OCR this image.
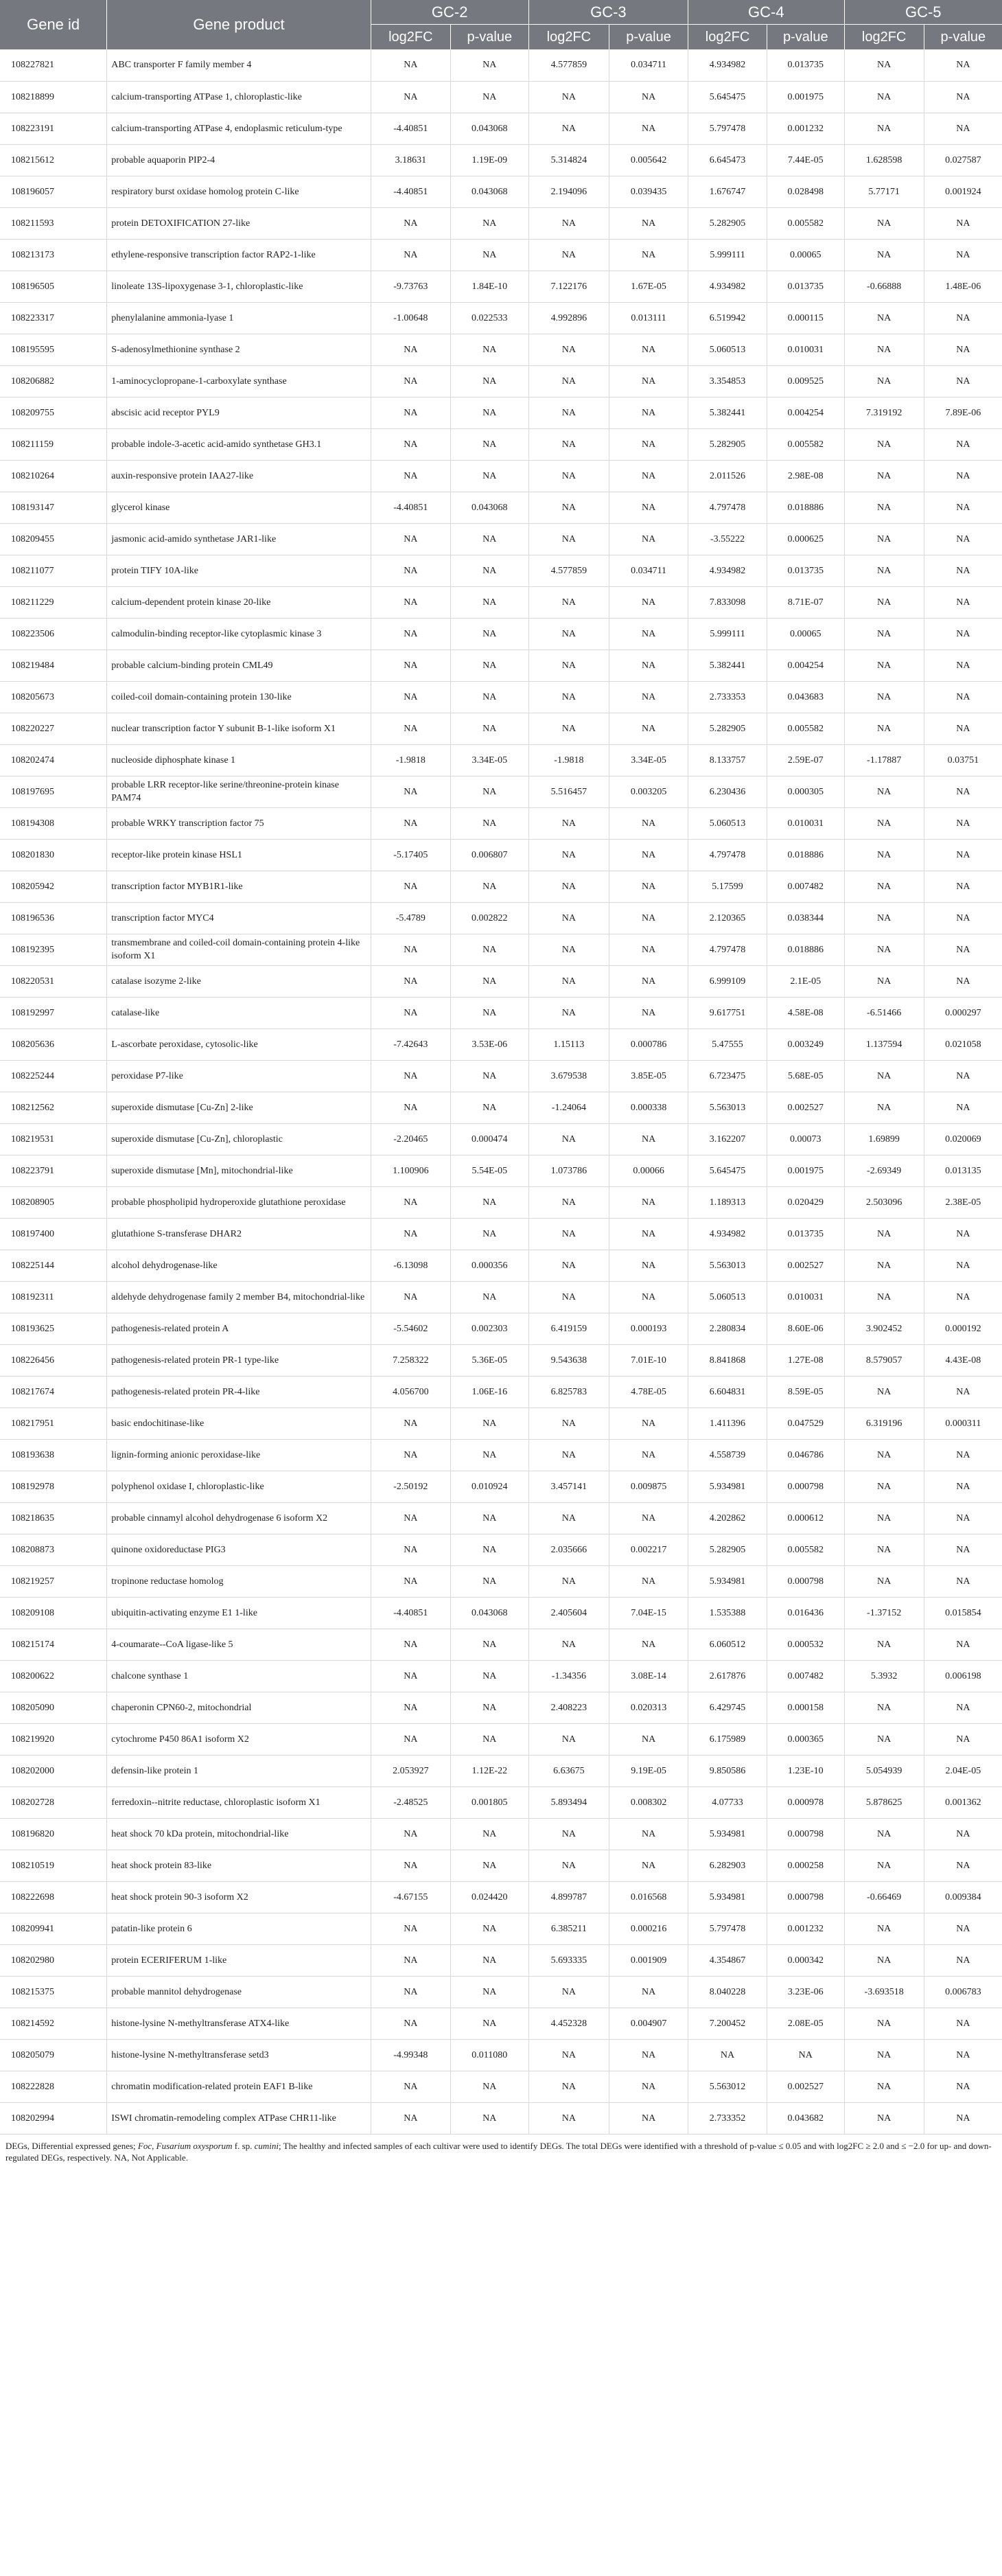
Gene id	Gene product	GC-2		GC-3		GC-4		GC-5	
		log2FC	p-value	log2FC	p-value	log2FC	p-value	log2FC	p-value
108227821	ABC transporter F family member 4	NA	NA	4.577859	0.034711	4.934982	0.013735	NA	NA
108218899	calcium-transporting ATPase 1, chloroplastic-like	NA	NA	NA	NA	5.645475	0.001975	NA	NA
108223191	calcium-transporting ATPase 4, endoplasmic reticulum-type	-4.40851	0.043068	NA	NA	5.797478	0.001232	NA	NA
108215612	probable aquaporin PIP2-4	3.18631	1.19E-09	5.314824	0.005642	6.645473	7.44E-05	1.628598	0.027587
108196057	respiratory burst oxidase homolog protein C-like	-4.40851	0.043068	2.194096	0.039435	1.676747	0.028498	5.77171	0.001924
108211593	protein DETOXIFICATION 27-like	NA	NA	NA	NA	5.282905	0.005582	NA	NA
108213173	ethylene-responsive transcription factor RAP2-1-like	NA	NA	NA	NA	5.999111	0.00065	NA	NA
108196505	linoleate 13S-lipoxygenase 3-1, chloroplastic-like	-9.73763	1.84E-10	7.122176	1.67E-05	4.934982	0.013735	-0.66888	1.48E-06
108223317	phenylalanine ammonia-lyase 1	-1.00648	0.022533	4.992896	0.013111	6.519942	0.000115	NA	NA
108195595	S-adenosylmethionine synthase 2	NA	NA	NA	NA	5.060513	0.010031	NA	NA
108206882	1-aminocyclopropane-1-carboxylate synthase	NA	NA	NA	NA	3.354853	0.009525	NA	NA
108209755	abscisic acid receptor PYL9	NA	NA	NA	NA	5.382441	0.004254	7.319192	7.89E-06
108211159	probable indole-3-acetic acid-amido synthetase GH3.1	NA	NA	NA	NA	5.282905	0.005582	NA	NA
108210264	auxin-responsive protein IAA27-like	NA	NA	NA	NA	2.011526	2.98E-08	NA	NA
108193147	glycerol kinase	-4.40851	0.043068	NA	NA	4.797478	0.018886	NA	NA
108209455	jasmonic acid-amido synthetase JAR1-like	NA	NA	NA	NA	-3.55222	0.000625	NA	NA
108211077	protein TIFY 10A-like	NA	NA	4.577859	0.034711	4.934982	0.013735	NA	NA
108211229	calcium-dependent protein kinase 20-like	NA	NA	NA	NA	7.833098	8.71E-07	NA	NA
108223506	calmodulin-binding receptor-like cytoplasmic kinase 3	NA	NA	NA	NA	5.999111	0.00065	NA	NA
108219484	probable calcium-binding protein CML49	NA	NA	NA	NA	5.382441	0.004254	NA	NA
108205673	coiled-coil domain-containing protein 130-like	NA	NA	NA	NA	2.733353	0.043683	NA	NA
108220227	nuclear transcription factor Y subunit B-1-like isoform X1	NA	NA	NA	NA	5.282905	0.005582	NA	NA
108202474	nucleoside diphosphate kinase 1	-1.9818	3.34E-05	-1.9818	3.34E-05	8.133757	2.59E-07	-1.17887	0.03751
108197695	probable LRR receptor-like serine/threonine-protein kinase PAM74	NA	NA	5.516457	0.003205	6.230436	0.000305	NA	NA
108194308	probable WRKY transcription factor 75	NA	NA	NA	NA	5.060513	0.010031	NA	NA
108201830	receptor-like protein kinase HSL1	-5.17405	0.006807	NA	NA	4.797478	0.018886	NA	NA
108205942	transcription factor MYB1R1-like	NA	NA	NA	NA	5.17599	0.007482	NA	NA
108196536	transcription factor MYC4	-5.4789	0.002822	NA	NA	2.120365	0.038344	NA	NA
108192395	transmembrane and coiled-coil domain-containing protein 4-like isoform X1	NA	NA	NA	NA	4.797478	0.018886	NA	NA
108220531	catalase isozyme 2-like	NA	NA	NA	NA	6.999109	2.1E-05	NA	NA
108192997	catalase-like	NA	NA	NA	NA	9.617751	4.58E-08	-6.51466	0.000297
108205636	L-ascorbate peroxidase, cytosolic-like	-7.42643	3.53E-06	1.15113	0.000786	5.47555	0.003249	1.137594	0.021058
108225244	peroxidase P7-like	NA	NA	3.679538	3.85E-05	6.723475	5.68E-05	NA	NA
108212562	superoxide dismutase [Cu-Zn] 2-like	NA	NA	-1.24064	0.000338	5.563013	0.002527	NA	NA
108219531	superoxide dismutase [Cu-Zn], chloroplastic	-2.20465	0.000474	NA	NA	3.162207	0.00073	1.69899	0.020069
108223791	superoxide dismutase [Mn], mitochondrial-like	1.100906	5.54E-05	1.073786	0.00066	5.645475	0.001975	-2.69349	0.013135
108208905	probable phospholipid hydroperoxide glutathione peroxidase	NA	NA	NA	NA	1.189313	0.020429	2.503096	2.38E-05
108197400	glutathione S-transferase DHAR2	NA	NA	NA	NA	4.934982	0.013735	NA	NA
108225144	alcohol dehydrogenase-like	-6.13098	0.000356	NA	NA	5.563013	0.002527	NA	NA
108192311	aldehyde dehydrogenase family 2 member B4, mitochondrial-like	NA	NA	NA	NA	5.060513	0.010031	NA	NA
108193625	pathogenesis-related protein A	-5.54602	0.002303	6.419159	0.000193	2.280834	8.60E-06	3.902452	0.000192
108226456	pathogenesis-related protein PR-1 type-like	7.258322	5.36E-05	9.543638	7.01E-10	8.841868	1.27E-08	8.579057	4.43E-08
108217674	pathogenesis-related protein PR-4-like	4.056700	1.06E-16	6.825783	4.78E-05	6.604831	8.59E-05	NA	NA
108217951	basic endochitinase-like	NA	NA	NA	NA	1.411396	0.047529	6.319196	0.000311
108193638	lignin-forming anionic peroxidase-like	NA	NA	NA	NA	4.558739	0.046786	NA	NA
108192978	polyphenol oxidase I, chloroplastic-like	-2.50192	0.010924	3.457141	0.009875	5.934981	0.000798	NA	NA
108218635	probable cinnamyl alcohol dehydrogenase 6 isoform X2	NA	NA	NA	NA	4.202862	0.000612	NA	NA
108208873	quinone oxidoreductase PIG3	NA	NA	2.035666	0.002217	5.282905	0.005582	NA	NA
108219257	tropinone reductase homolog	NA	NA	NA	NA	5.934981	0.000798	NA	NA
108209108	ubiquitin-activating enzyme E1 1-like	-4.40851	0.043068	2.405604	7.04E-15	1.535388	0.016436	-1.37152	0.015854
108215174	4-coumarate--CoA ligase-like 5	NA	NA	NA	NA	6.060512	0.000532	NA	NA
108200622	chalcone synthase 1	NA	NA	-1.34356	3.08E-14	2.617876	0.007482	5.3932	0.006198
108205090	chaperonin CPN60-2, mitochondrial	NA	NA	2.408223	0.020313	6.429745	0.000158	NA	NA
108219920	cytochrome P450 86A1 isoform X2	NA	NA	NA	NA	6.175989	0.000365	NA	NA
108202000	defensin-like protein 1	2.053927	1.12E-22	6.63675	9.19E-05	9.850586	1.23E-10	5.054939	2.04E-05
108202728	ferredoxin--nitrite reductase, chloroplastic isoform X1	-2.48525	0.001805	5.893494	0.008302	4.07733	0.000978	5.878625	0.001362
108196820	heat shock 70 kDa protein, mitochondrial-like	NA	NA	NA	NA	5.934981	0.000798	NA	NA
108210519	heat shock protein 83-like	NA	NA	NA	NA	6.282903	0.000258	NA	NA
108222698	heat shock protein 90-3 isoform X2	-4.67155	0.024420	4.899787	0.016568	5.934981	0.000798	-0.66469	0.009384
108209941	patatin-like protein 6	NA	NA	6.385211	0.000216	5.797478	0.001232	NA	NA
108202980	protein ECERIFERUM 1-like	NA	NA	5.693335	0.001909	4.354867	0.000342	NA	NA
108215375	probable mannitol dehydrogenase	NA	NA	NA	NA	8.040228	3.23E-06	-3.693518	0.006783
108214592	histone-lysine N-methyltransferase ATX4-like	NA	NA	4.452328	0.004907	7.200452	2.08E-05	NA	NA
108205079	histone-lysine N-methyltransferase setd3	-4.99348	0.011080	NA	NA	NA	NA	NA	NA
108222828	chromatin modification-related protein EAF1 B-like	NA	NA	NA	NA	5.563012	0.002527	NA	NA
108202994	ISWI chromatin-remodeling complex ATPase CHR11-like	NA	NA	NA	NA	2.733352	0.043682	NA	NA
DEGs, Differential expressed genes; Foc, Fusarium oxysporum f. sp. cumini; The healthy and infected samples of each cultivar were used to identify DEGs. The total DEGs were identified with a threshold of p-value ≤ 0.05 and with log2FC ≥ 2.0 and ≤ −2.0 for up- and down-regulated DEGs, respectively. NA, Not Applicable.
